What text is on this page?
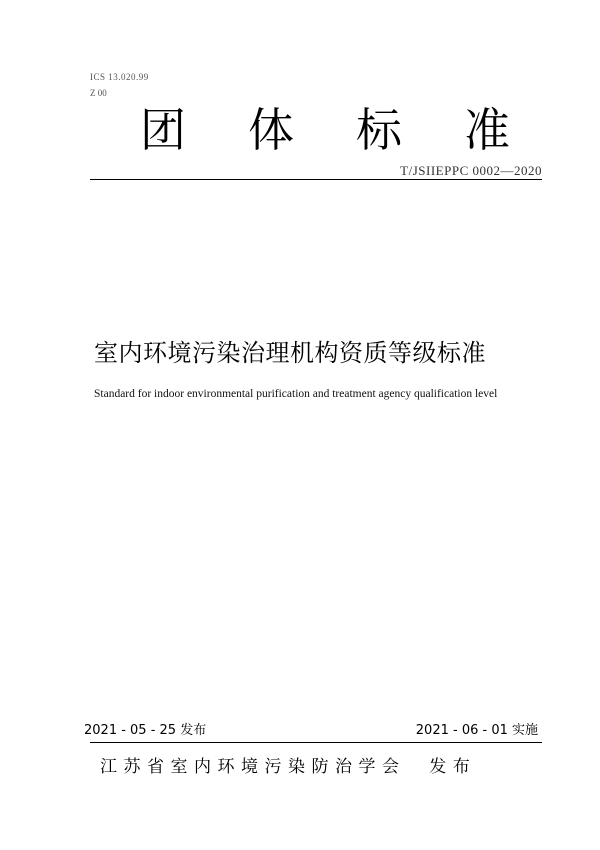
ICS 13.020.99
Z 00
团 体 标 准
T/JSIIEPPC 0002—2020
室内环境污染治理机构资质等级标准
Standard for indoor environmental purification and treatment agency qualification level
2021 - 05 - 25 发布	2021 - 06 - 01 实施
江苏省室内环境污染防治学会  发布
